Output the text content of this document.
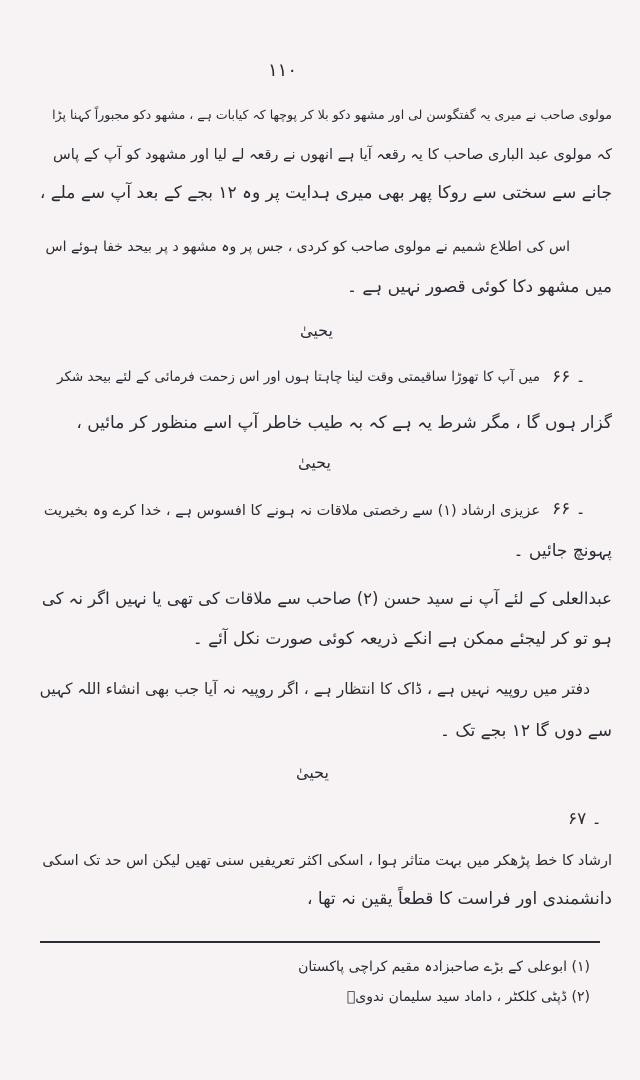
۱۱۰
مولوی صاحب نے میری یہ گفتگوسن لی اور مشھو دکو بلا کر پوچھا کہ کیابات ہے ، مشھو دکو مجبوراً کہنا پڑا
کہ مولوی عبد الباری صاحب کا یہ رقعہ آیا ہے انھوں نے رقعہ لے لیا اور مشھود کو آپ کے پاس
جانے سے سختی سے روکا پھر بھی میری ہدایت پر وہ ۱۲ بجے کے بعد آپ سے ملے ،
اس کی اطلاع شمیم نے مولوی صاحب کو کردی ، جس پر وہ مشھو د پر بیحد خفا ہوئے اس
میں مشھو دکا کوئی قصور نہیں ہے ۔
یحییٰ
۶۶ ۔
میں آپ کا تھوڑا ساقیمتی وقت لینا چاہتا ہوں اور اس زحمت فرمائی کے لئے بیحد شکر
گزار ہوں گا ، مگر شرط یہ ہے کہ بہ طیب خاطر آپ اسے منظور کر مائیں ،
یحییٰ
۶۶ ۔
عزیزی ارشاد (۱) سے رخصتی ملاقات نہ ہونے کا افسوس ہے ، خدا کرے وہ بخیریت
پہونچ جائیں ۔
عبدالعلی کے لئے آپ نے سید حسن (۲) صاحب سے ملاقات کی تھی یا نہیں اگر نہ کی
ہو تو کر لیجئے ممکن ہے انکے ذریعہ کوئی صورت نکل آئے ۔
دفتر میں روپیہ نہیں ہے ، ڈاک کا انتظار ہے ، اگر روپیہ نہ آیا جب بھی انشاء اللہ کہیں
سے دوں گا ۱۲ بجے تک ۔
یحییٰ
۶۷ ۔
ارشاد کا خط پڑھکر میں بہت متاثر ہوا ، اسکی اکثر تعریفیں سنی تھیں لیکن اس حد تک اسکی
دانشمندی اور فراست کا قطعاً یقین نہ تھا ،
(۱) ابوعلی کے بڑے صاحبزادہ مقیم کراچی پاکستان
(۲) ڈپٹی کلکٹر ، داماد سید سلیمان ندویؒ
